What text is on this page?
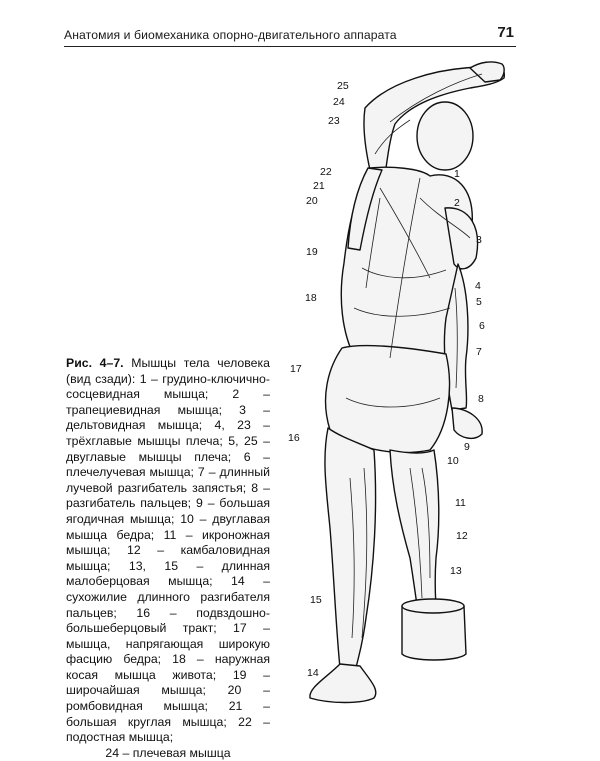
Анатомия и биомеханика опорно-двигательного аппарата	71
1
2
3
4
5
6
7
8
9
10
11
12
13
14
15
16
17
18
19
20
21
22
23
24
25
Рис. 4–7. Мышцы тела человека (вид сзади): 1 – грудино-ключично-сосцевидная мышца; 2 – трапециевидная мышца; 3 – дельтовидная мышца; 4, 23 – трёхглавые мышцы плеча; 5, 25 – двуглавые мышцы плеча; 6 – плечелучевая мышца; 7 – длинный лучевой разгибатель запястья; 8 – разгибатель пальцев; 9 – большая ягодичная мышца; 10 – двуглавая мышца бедра; 11 – икроножная мышца; 12 – камбаловидная мышца; 13, 15 – длинная малоберцовая мышца; 14 – сухожилие длинного разгибателя пальцев; 16 – подвздошно-большеберцовый тракт; 17 – мышца, напрягающая широкую фасцию бедра; 18 – наружная косая мышца живота; 19 – широчайшая мышца; 20 – ромбовидная мышца; 21 – большая круглая мышца; 22 – подостная мышца;
24 – плечевая мышца
